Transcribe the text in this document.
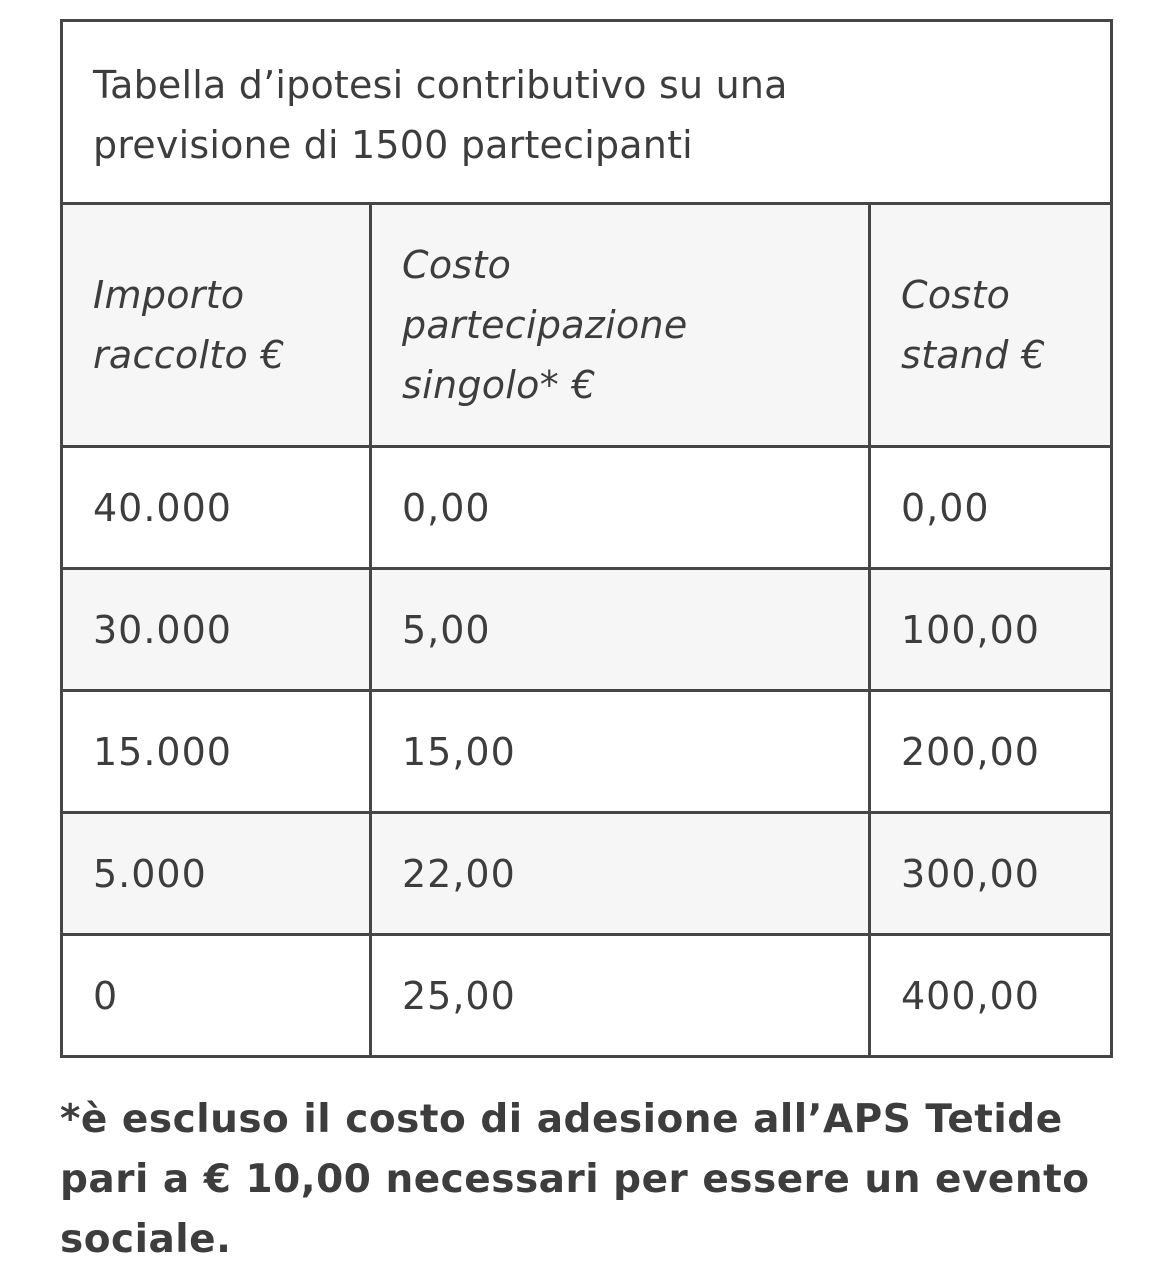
Tabella d’ipotesi contributivo su una previsione di 1500 partecipanti		

Importo raccolto €	Costo partecipazione singolo* €	Costo stand €
40.000	0,00	0,00
30.000	5,00	100,00
15.000	15,00	200,00
5.000	22,00	300,00
0	25,00	400,00

*è escluso il costo di adesione all’APS Tetide pari a € 10,00 necessari per essere un evento sociale.
